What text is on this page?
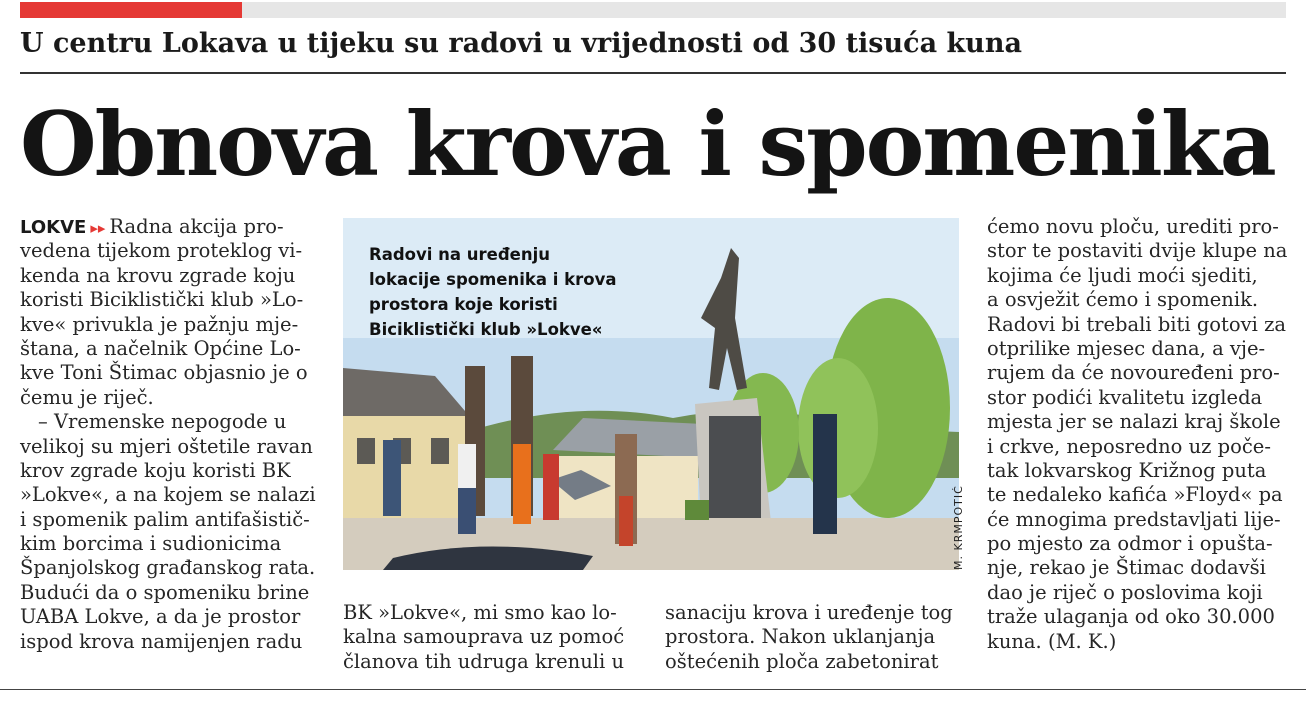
U centru Lokava u tijeku su radovi u vrijednosti od 30 tisuća kuna
Obnova krova i spomenika
LOKVE ▸▸ Radna akcija pro-
vedena tijekom proteklog vi-
kenda na krovu zgrade koju
koristi Biciklistički klub »Lo-
kve« privukla je pažnju mje-
štana, a načelnik Općine Lo-
kve Toni Štimac objasnio je o
čemu je riječ.
– Vremenske nepogode u
velikoj su mjeri oštetile ravan
krov zgrade koju koristi BK
»Lokve«, a na kojem se nalazi
i spomenik palim antifašistič-
kim borcima i sudionicima
Španjolskog građanskog rata.
Budući da o spomeniku brine
UABA Lokve, a da je prostor
ispod krova namijenjen radu
Radovi na uređenju
lokacije spomenika i krova
prostora koje koristi
Biciklistički klub »Lokve«
M. KRMPOTIĆ
BK »Lokve«, mi smo kao lo-
kalna samouprava uz pomoć
članova tih udruga krenuli u
sanaciju krova i uređenje tog
prostora. Nakon uklanjanja
oštećenih ploča zabetonirat
ćemo novu ploču, urediti pro-
stor te postaviti dvije klupe na
kojima će ljudi moći sjediti,
a osvježit ćemo i spomenik.
Radovi bi trebali biti gotovi za
otprilike mjesec dana, a vje-
rujem da će novouređeni pro-
stor podići kvalitetu izgleda
mjesta jer se nalazi kraj škole
i crkve, neposredno uz poče-
tak lokvarskog Križnog puta
te nedaleko kafića »Floyd« pa
će mnogima predstavljati lije-
po mjesto za odmor i opušta-
nje, rekao je Štimac dodavši
dao je riječ o poslovima koji
traže ulaganja od oko 30.000
kuna. (M. K.)
